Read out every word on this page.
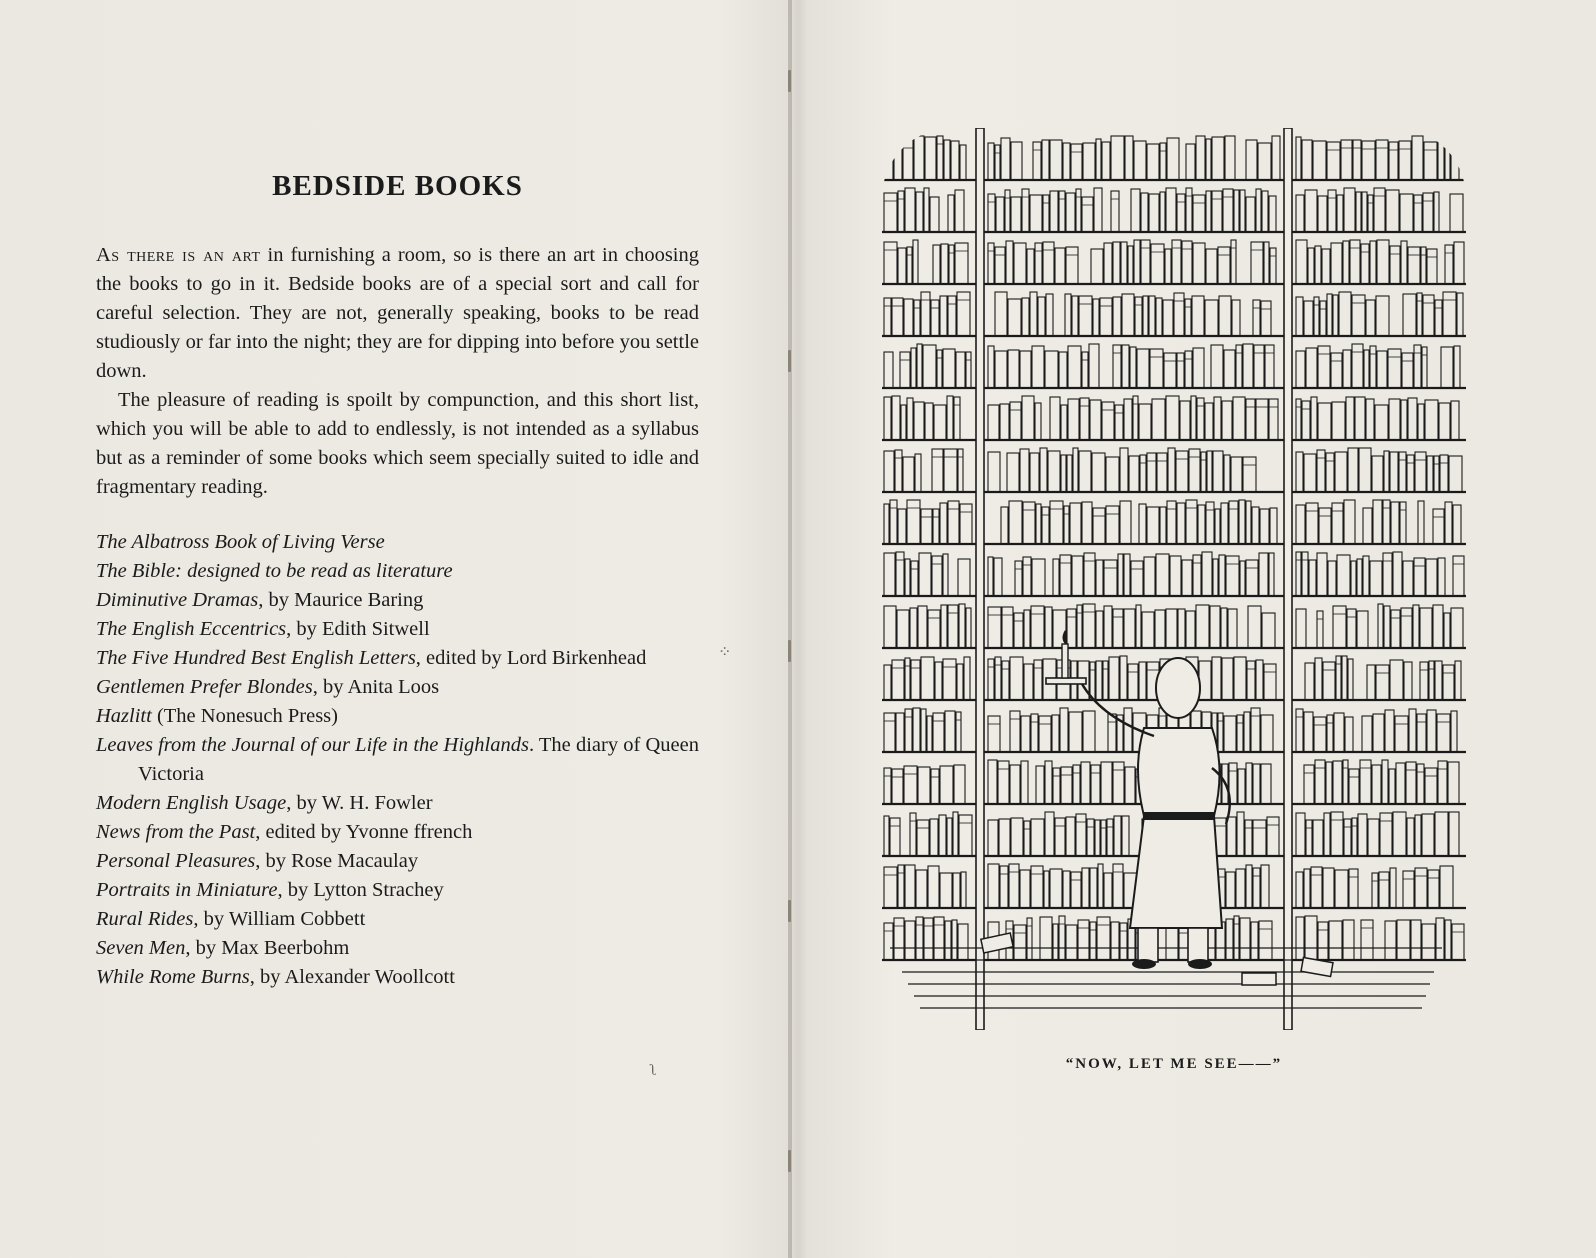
BEDSIDE BOOKS

As there is an art in furnishing a room, so is there an art in choosing the books to go in it. Bedside books are of a special sort and call for careful selection. They are not, generally speaking, books to be read studiously or far into the night; they are for dipping into before you settle down.

The pleasure of reading is spoilt by compunction, and this short list, which you will be able to add to endlessly, is not intended as a syllabus but as a reminder of some books which seem specially suited to idle and fragmentary reading.

The Albatross Book of Living Verse
The Bible: designed to be read as literature
Diminutive Dramas, by Maurice Baring
The English Eccentrics, by Edith Sitwell
The Five Hundred Best English Letters, edited by Lord Birkenhead
Gentlemen Prefer Blondes, by Anita Loos
Hazlitt (The Nonesuch Press)
Leaves from the Journal of our Life in the Highlands. The diary of Queen Victoria
Modern English Usage, by W. H. Fowler
News from the Past, edited by Yvonne ffrench
Personal Pleasures, by Rose Macaulay
Portraits in Miniature, by Lytton Strachey
Rural Rides, by William Cobbett
Seven Men, by Max Beerbohm
While Rome Burns, by Alexander Woollcott
⁘
ʅ	“NOW, LET ME SEE——”
